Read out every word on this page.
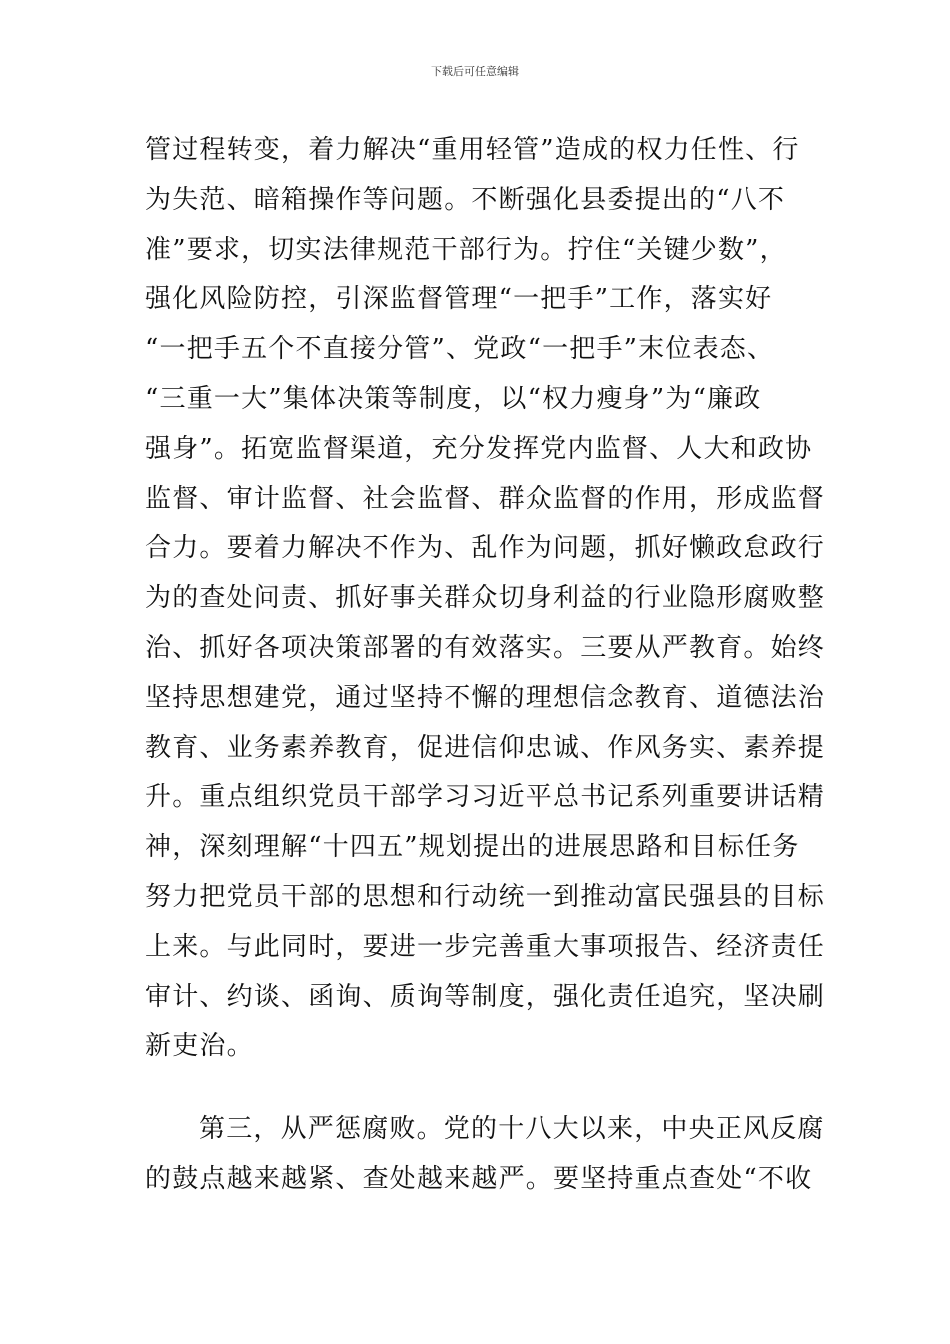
下载后可任意编辑
管过程转变，着力解决“重用轻管”造成的权力任性、行
为失范、暗箱操作等问题。不断强化县委提出的“八不
准”要求，切实法律规范干部行为。拧住“关键少数”，
强化风险防控，引深监督管理“一把手”工作，落实好
“一把手五个不直接分管”、党政“一把手”末位表态、
“三重一大”集体决策等制度，以“权力瘦身”为“廉政
强身”。拓宽监督渠道，充分发挥党内监督、人大和政协
监督、审计监督、社会监督、群众监督的作用，形成监督
合力。要着力解决不作为、乱作为问题，抓好懒政怠政行
为的查处问责、抓好事关群众切身利益的行业隐形腐败整
治、抓好各项决策部署的有效落实。三要从严教育。始终
坚持思想建党，通过坚持不懈的理想信念教育、道德法治
教育、业务素养教育，促进信仰忠诚、作风务实、素养提
升。重点组织党员干部学习习近平总书记系列重要讲话精
神，深刻理解“十四五”规划提出的进展思路和目标任务
努力把党员干部的思想和行动统一到推动富民强县的目标
上来。与此同时，要进一步完善重大事项报告、经济责任
审计、约谈、函询、质询等制度，强化责任追究，坚决刷
新吏治。
第三，从严惩腐败。党的十八大以来，中央正风反腐
的鼓点越来越紧、查处越来越严。要坚持重点查处“不收
